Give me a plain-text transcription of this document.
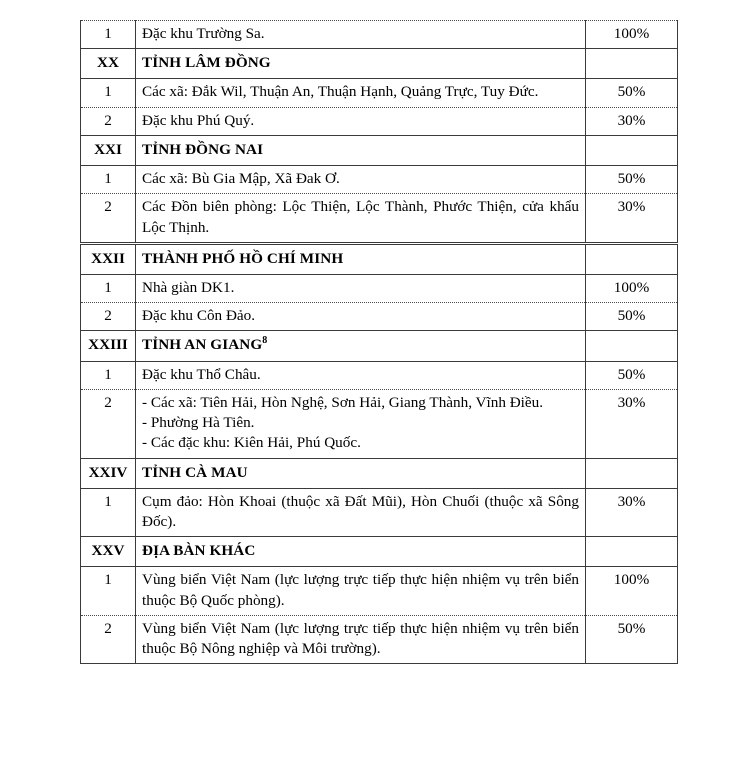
1	Đặc khu Trường Sa.	100%
XX	TỈNH LÂM ĐỒNG	
1	Các xã: Đắk Wil, Thuận An, Thuận Hạnh, Quảng Trực, Tuy Đức.	50%
2	Đặc khu Phú Quý.	30%
XXI	TỈNH ĐỒNG NAI	
1	Các xã: Bù Gia Mập, Xã Đak Ơ.	50%
2	Các Đồn biên phòng: Lộc Thiện, Lộc Thành, Phước Thiện, cửa khẩu Lộc Thịnh.	30%
XXII	THÀNH PHỐ HỒ CHÍ MINH	
1	Nhà giàn DK1.	100%
2	Đặc khu Côn Đảo.	50%
XXIII	TỈNH AN GIANG$^8$	
1	Đặc khu Thổ Châu.	50%
2	- Các xã: Tiên Hải, Hòn Nghệ, Sơn Hải, Giang Thành, Vĩnh Điều.
- Phường Hà Tiên.
- Các đặc khu: Kiên Hải, Phú Quốc.	30%
XXIV	TỈNH CÀ MAU	
1	Cụm đảo: Hòn Khoai (thuộc xã Đất Mũi), Hòn Chuối (thuộc xã Sông Đốc).	30%
XXV	ĐỊA BÀN KHÁC	
1	Vùng biển Việt Nam (lực lượng trực tiếp thực hiện nhiệm vụ trên biển thuộc Bộ Quốc phòng).	100%
2	Vùng biển Việt Nam (lực lượng trực tiếp thực hiện nhiệm vụ trên biển thuộc Bộ Nông nghiệp và Môi trường).	50%
